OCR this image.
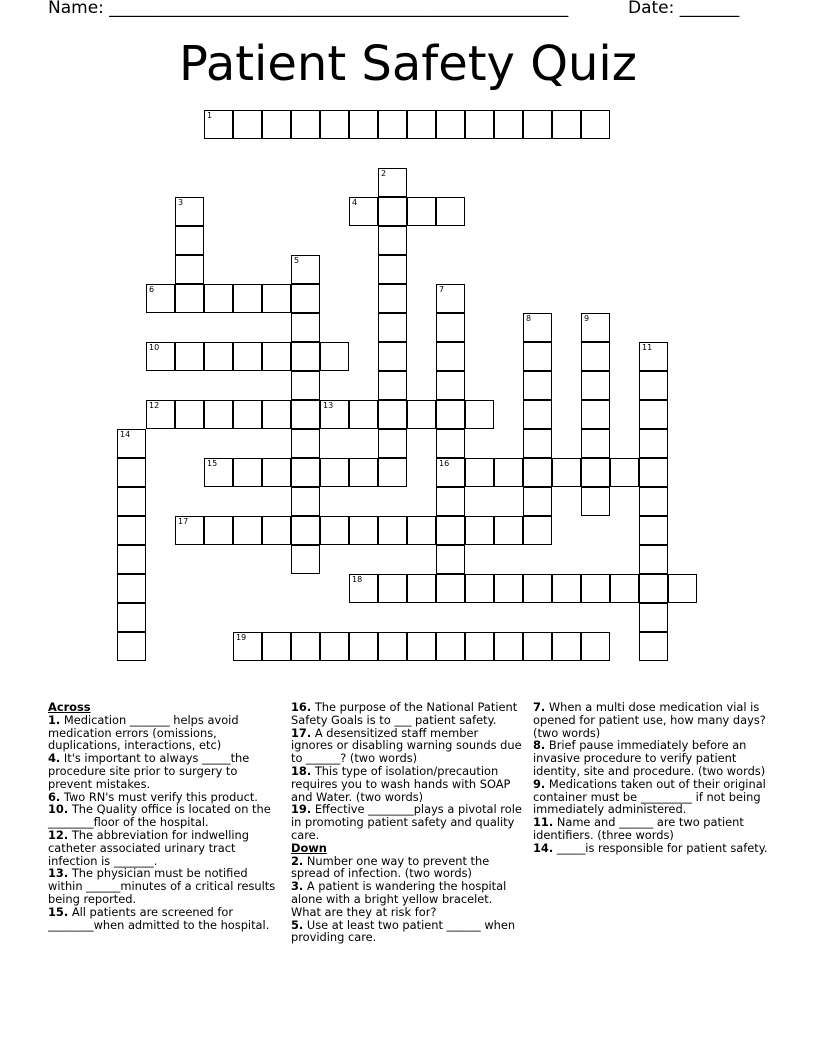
Name: ______________________________________________________	Date: _______
Patient Safety Quiz
1
2
3	4
5
6	7
16
8	9
10	11
12	13
14
15
17
18
19

Across

1. Medication _______ helps avoid medication errors (omissions, duplications, interactions, etc)

4. It's important to always _____the procedure site prior to surgery to prevent mistakes.

6. Two RN's must verify this product.

10. The Quality office is located on the ________floor of the hospital.

12. The abbreviation for indwelling catheter associated urinary tract infection is _______.

13. The physician must be notified within ______minutes of a critical results being reported.

15. All patients are screened for ________when admitted to the hospital.

16. The purpose of the National Patient Safety Goals is to ___ patient safety.

17. A desensitized staff member ignores or disabling warning sounds due to ______? (two words)

18. This type of isolation/precaution requires you to wash hands with SOAP and Water. (two words)

19. Effective ________plays a pivotal role in promoting patient safety and quality care.

Down

2. Number one way to prevent the spread of infection. (two words)

3. A patient is wandering the hospital alone with a bright yellow bracelet. What are they at risk for?

5. Use at least two patient ______ when providing care.

7. When a multi dose medication vial is opened for patient use, how many days? (two words)

8. Brief pause immediately before an invasive procedure to verify patient identity, site and procedure. (two words)

9. Medications taken out of their original container must be _________ if not being immediately administered.

11. Name and ______ are two patient identifiers. (three words)

14. _____is responsible for patient safety.
